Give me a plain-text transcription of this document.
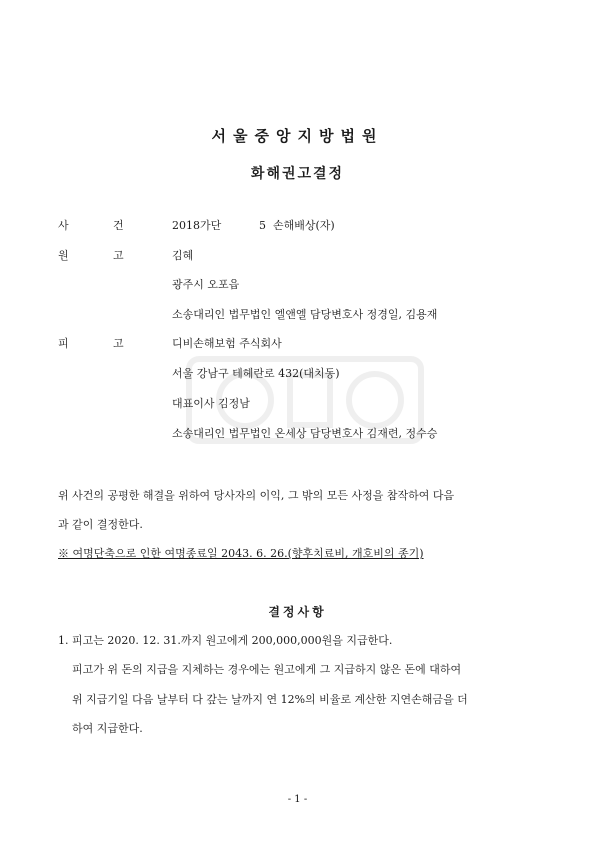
서울중앙지방법원
화해권고결정
사	건	2018가단	5 손해배상(자)
원	고	김혜
광주시 오포읍
소송대리인 법무법인 엘앤엘 담당변호사 정경일, 김용재
피	고	디비손해보험 주식회사
서울 강남구 테헤란로 432(대치동)
대표이사 김정남
소송대리인 법무법인 온세상 담당변호사 김재련, 정수승
위 사건의 공평한 해결을 위하여 당사자의 이익, 그 밖의 모든 사정을 참작하여 다음
과 같이 결정한다.
※ 여명단축으로 인한 여명종료일 2043. 6. 26.(향후치료비, 개호비의 종기)
결정사항
1. 피고는 2020. 12. 31.까지 원고에게 200,000,000원을 지급한다.
피고가 위 돈의 지급을 지체하는 경우에는 원고에게 그 지급하지 않은 돈에 대하여
위 지급기일 다음 날부터 다 갚는 날까지 연 12%의 비율로 계산한 지연손해금을 더
하여 지급한다.
- 1 -
